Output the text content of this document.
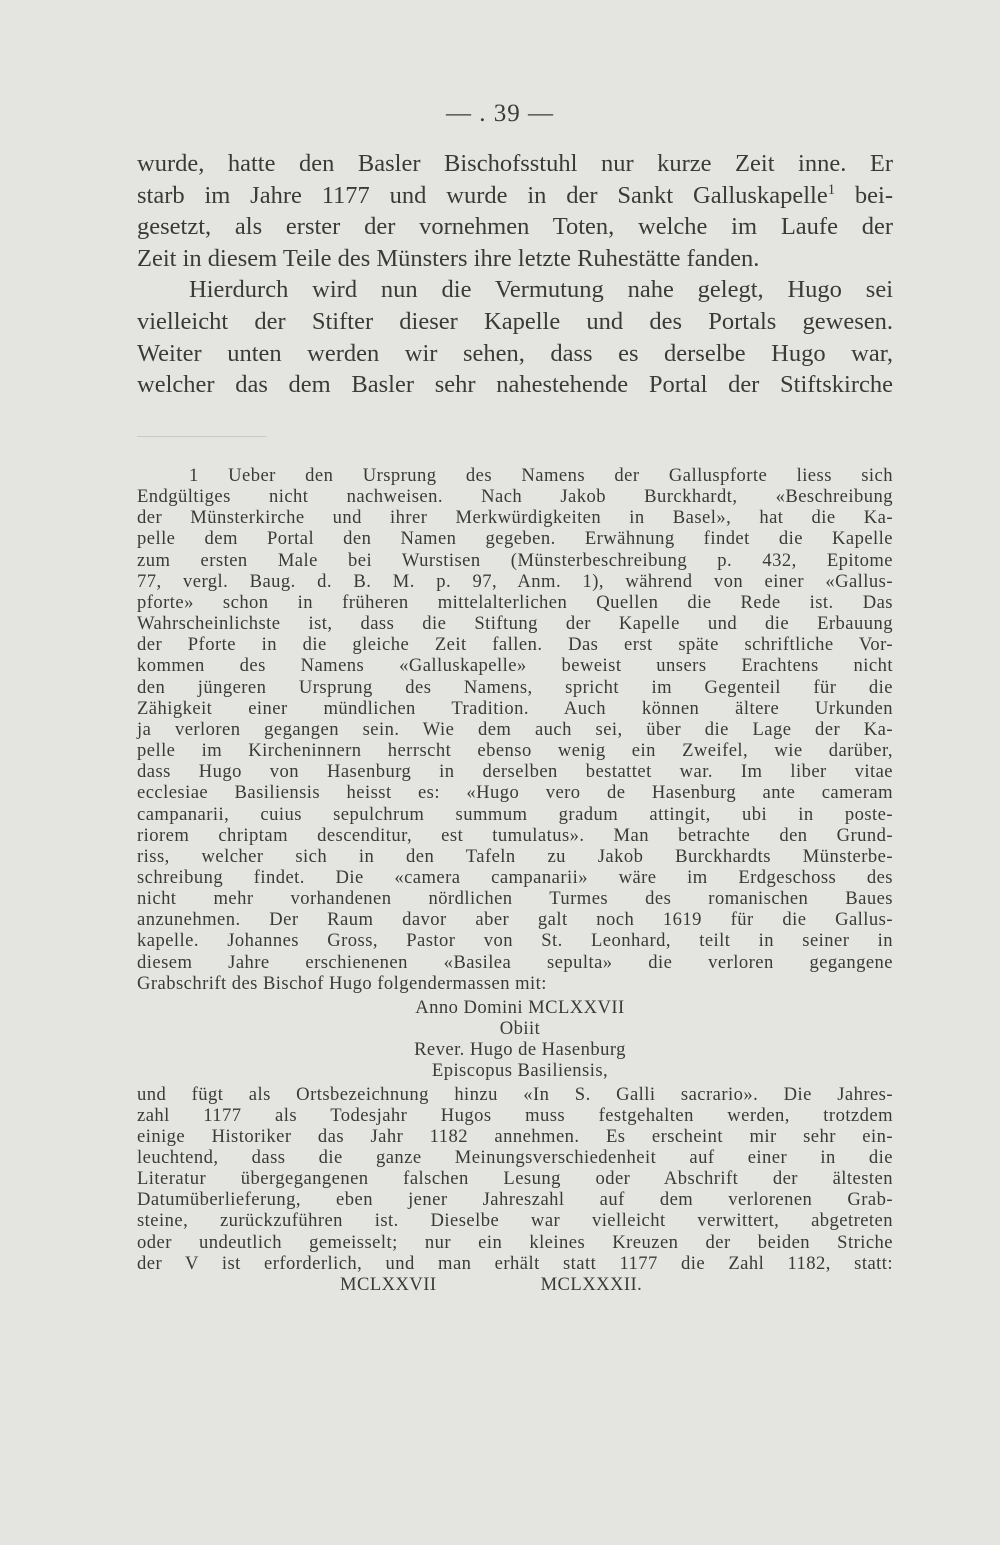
— . 39 —
wurde, hatte den Basler Bischofsstuhl nur kurze Zeit inne. Er
starb im Jahre 1177 und wurde in der Sankt Galluskapelle$^1$ bei-
gesetzt, als erster der vornehmen Toten, welche im Laufe der
Zeit in diesem Teile des Münsters ihre letzte Ruhestätte fanden.
Hierdurch wird nun die Vermutung nahe gelegt, Hugo sei
vielleicht der Stifter dieser Kapelle und des Portals gewesen.
Weiter unten werden wir sehen, dass es derselbe Hugo war,
welcher das dem Basler sehr nahestehende Portal der Stiftskirche
1 Ueber den Ursprung des Namens der Galluspforte liess sich
Endgültiges nicht nachweisen. Nach Jakob Burckhardt, «Beschreibung
der Münsterkirche und ihrer Merkwürdigkeiten in Basel», hat die Ka-
pelle dem Portal den Namen gegeben. Erwähnung findet die Kapelle
zum ersten Male bei Wurstisen (Münsterbeschreibung p. 432, Epitome
77, vergl. Baug. d. B. M. p. 97, Anm. 1), während von einer «Gallus-
pforte» schon in früheren mittelalterlichen Quellen die Rede ist. Das
Wahrscheinlichste ist, dass die Stiftung der Kapelle und die Erbauung
der Pforte in die gleiche Zeit fallen. Das erst späte schriftliche Vor-
kommen des Namens «Galluskapelle» beweist unsers Erachtens nicht
den jüngeren Ursprung des Namens, spricht im Gegenteil für die
Zähigkeit einer mündlichen Tradition. Auch können ältere Urkunden
ja verloren gegangen sein. Wie dem auch sei, über die Lage der Ka-
pelle im Kircheninnern herrscht ebenso wenig ein Zweifel, wie darüber,
dass Hugo von Hasenburg in derselben bestattet war. Im liber vitae
ecclesiae Basiliensis heisst es: «Hugo vero de Hasenburg ante cameram
campanarii, cuius sepulchrum summum gradum attingit, ubi in poste-
riorem chriptam descenditur, est tumulatus». Man betrachte den Grund-
riss, welcher sich in den Tafeln zu Jakob Burckhardts Münsterbe-
schreibung findet. Die «camera campanarii» wäre im Erdgeschoss des
nicht mehr vorhandenen nördlichen Turmes des romanischen Baues
anzunehmen. Der Raum davor aber galt noch 1619 für die Gallus-
kapelle. Johannes Gross, Pastor von St. Leonhard, teilt in seiner in
diesem Jahre erschienenen «Basilea sepulta» die verloren gegangene
Grabschrift des Bischof Hugo folgendermassen mit:
Anno Domini MCLXXVII
Obiit
Rever. Hugo de Hasenburg
Episcopus Basiliensis,
und fügt als Ortsbezeichnung hinzu «In S. Galli sacrario». Die Jahres-
zahl 1177 als Todesjahr Hugos muss festgehalten werden, trotzdem
einige Historiker das Jahr 1182 annehmen. Es erscheint mir sehr ein-
leuchtend, dass die ganze Meinungsverschiedenheit auf einer in die
Literatur übergegangenen falschen Lesung oder Abschrift der ältesten
Datumüberlieferung, eben jener Jahreszahl auf dem verlorenen Grab-
steine, zurückzuführen ist. Dieselbe war vielleicht verwittert, abgetreten
oder undeutlich gemeisselt; nur ein kleines Kreuzen der beiden Striche
der V ist erforderlich, und man erhält statt 1177 die Zahl 1182, statt:
MCLXXVII	MCLXXXII.
